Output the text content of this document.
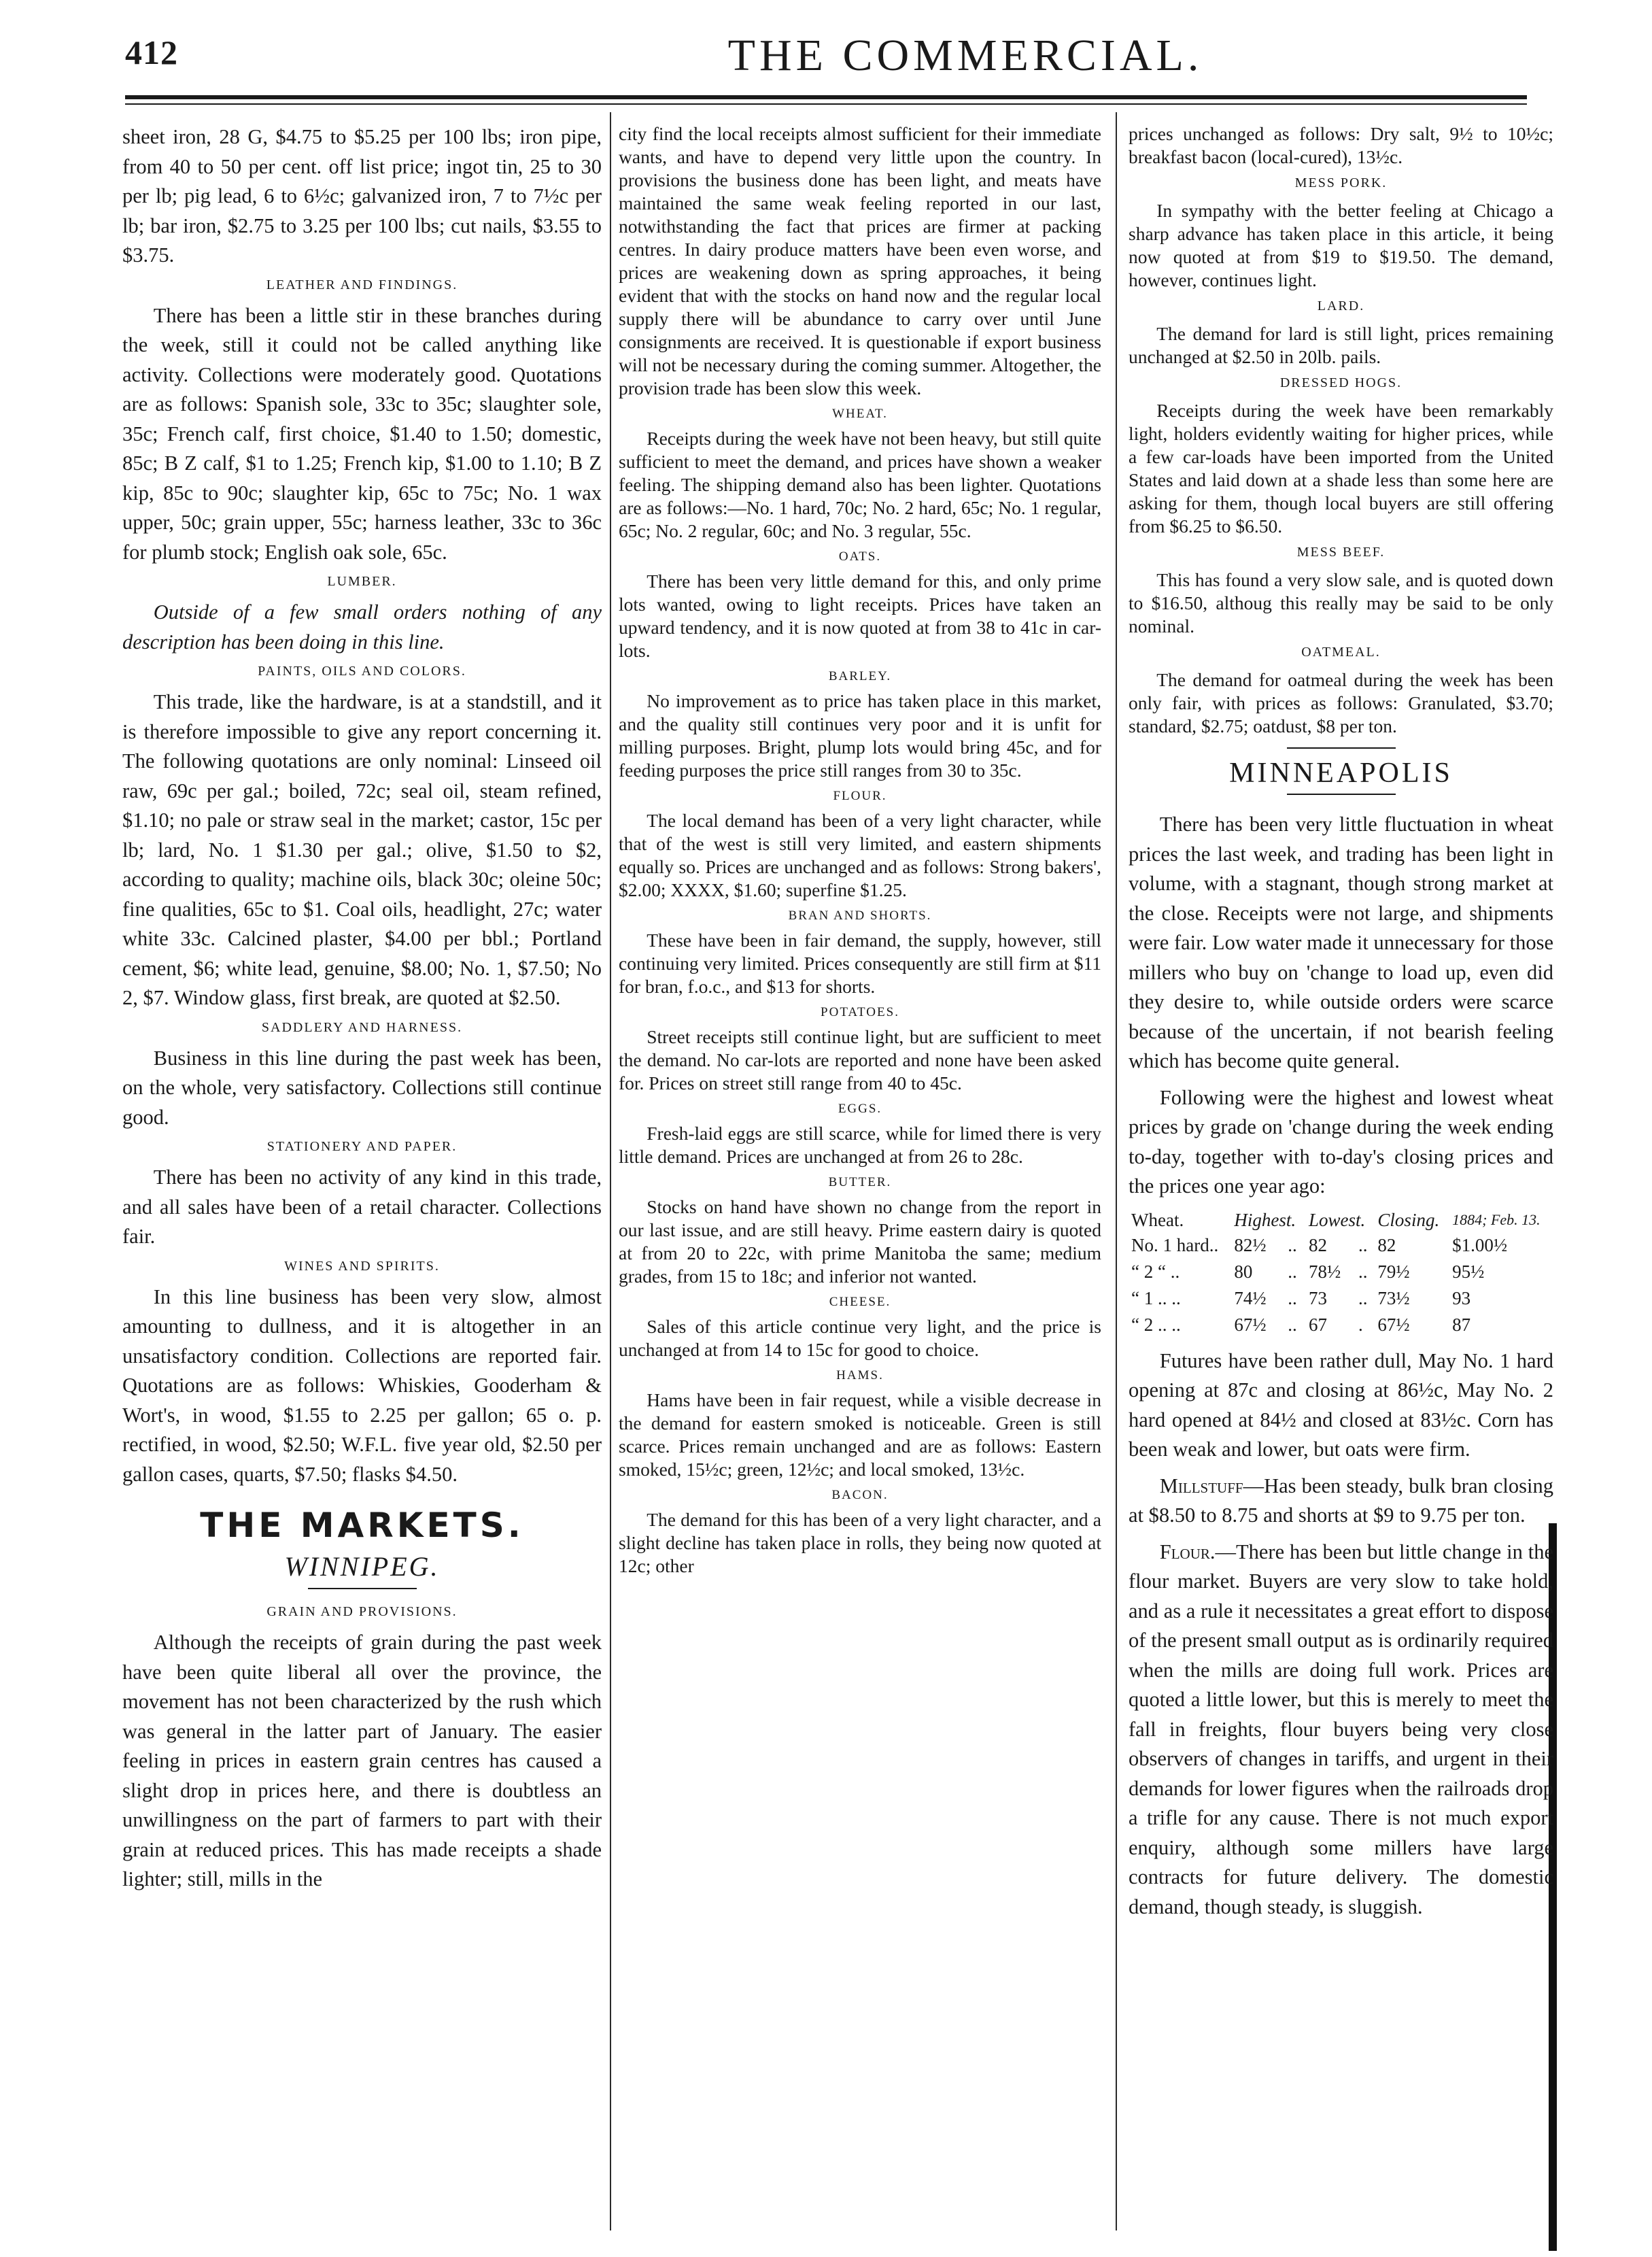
412	THE COMMERCIAL.

sheet iron, 28 G, $4.75 to $5.25 per 100 lbs; iron pipe, from 40 to 50 per cent. off list price; ingot tin, 25 to 30 per lb; pig lead, 6 to 6½c; galvanized iron, 7 to 7½c per lb; bar iron, $2.75 to 3.25 per 100 lbs; cut nails, $3.55 to $3.75.

LEATHER AND FINDINGS.

There has been a little stir in these branches during the week, still it could not be called anything like activity. Collections were moderately good. Quotations are as follows: Spanish sole, 33c to 35c; slaughter sole, 35c; French calf, first choice, $1.40 to 1.50; domestic, 85c; B Z calf, $1 to 1.25; French kip, $1.00 to 1.10; B Z kip, 85c to 90c; slaughter kip, 65c to 75c; No. 1 wax upper, 50c; grain upper, 55c; harness leather, 33c to 36c for plumb stock; English oak sole, 65c.

LUMBER.

Outside of a few small orders nothing of any description has been doing in this line.

PAINTS, OILS AND COLORS.

This trade, like the hardware, is at a standstill, and it is therefore impossible to give any report concerning it. The following quotations are only nominal: Linseed oil raw, 69c per gal.; boiled, 72c; seal oil, steam refined, $1.10; no pale or straw seal in the market; castor, 15c per lb; lard, No. 1 $1.30 per gal.; olive, $1.50 to $2, according to quality; machine oils, black 30c; oleine 50c; fine qualities, 65c to $1. Coal oils, headlight, 27c; water white 33c. Calcined plaster, $4.00 per bbl.; Portland cement, $6; white lead, genuine, $8.00; No. 1, $7.50; No 2, $7. Window glass, first break, are quoted at $2.50.

SADDLERY AND HARNESS.

Business in this line during the past week has been, on the whole, very satisfactory. Collections still continue good.

STATIONERY AND PAPER.

There has been no activity of any kind in this trade, and all sales have been of a retail character. Collections fair.

WINES AND SPIRITS.

In this line business has been very slow, almost amounting to dullness, and it is altogether in an unsatisfactory condition. Collections are reported fair. Quotations are as follows: Whiskies, Gooderham & Wort's, in wood, $1.55 to 2.25 per gallon; 65 o. p. rectified, in wood, $2.50; W.F.L. five year old, $2.50 per gallon cases, quarts, $7.50; flasks $4.50.

THE MARKETS.
WINNIPEG.
GRAIN AND PROVISIONS.

Although the receipts of grain during the past week have been quite liberal all over the province, the movement has not been characterized by the rush which was general in the latter part of January. The easier feeling in prices in eastern grain centres has caused a slight drop in prices here, and there is doubtless an unwillingness on the part of farmers to part with their grain at reduced prices. This has made receipts a shade lighter; still, mills in the

city find the local receipts almost sufficient for their immediate wants, and have to depend very little upon the country. In provisions the business done has been light, and meats have maintained the same weak feeling reported in our last, notwithstanding the fact that prices are firmer at packing centres. In dairy produce matters have been even worse, and prices are weakening down as spring approaches, it being evident that with the stocks on hand now and the regular local supply there will be abundance to carry over until June consignments are received. It is questionable if export business will not be necessary during the coming summer. Altogether, the provision trade has been slow this week.

WHEAT.

Receipts during the week have not been heavy, but still quite sufficient to meet the demand, and prices have shown a weaker feeling. The shipping demand also has been lighter. Quotations are as follows:—No. 1 hard, 70c; No. 2 hard, 65c; No. 1 regular, 65c; No. 2 regular, 60c; and No. 3 regular, 55c.

OATS.

There has been very little demand for this, and only prime lots wanted, owing to light receipts. Prices have taken an upward tendency, and it is now quoted at from 38 to 41c in car-lots.

BARLEY.

No improvement as to price has taken place in this market, and the quality still continues very poor and it is unfit for milling purposes. Bright, plump lots would bring 45c, and for feeding purposes the price still ranges from 30 to 35c.

FLOUR.

The local demand has been of a very light character, while that of the west is still very limited, and eastern shipments equally so. Prices are unchanged and as follows: Strong bakers', $2.00; XXXX, $1.60; superfine $1.25.

BRAN AND SHORTS.

These have been in fair demand, the supply, however, still continuing very limited. Prices consequently are still firm at $11 for bran, f.o.c., and $13 for shorts.

POTATOES.

Street receipts still continue light, but are sufficient to meet the demand. No car-lots are reported and none have been asked for. Prices on street still range from 40 to 45c.

EGGS.

Fresh-laid eggs are still scarce, while for limed there is very little demand. Prices are unchanged at from 26 to 28c.

BUTTER.

Stocks on hand have shown no change from the report in our last issue, and are still heavy. Prime eastern dairy is quoted at from 20 to 22c, with prime Manitoba the same; medium grades, from 15 to 18c; and inferior not wanted.

CHEESE.

Sales of this article continue very light, and the price is unchanged at from 14 to 15c for good to choice.

HAMS.

Hams have been in fair request, while a visible decrease in the demand for eastern smoked is noticeable. Green is still scarce. Prices remain unchanged and are as follows: Eastern smoked, 15½c; green, 12½c; and local smoked, 13½c.

BACON.

The demand for this has been of a very light character, and a slight decline has taken place in rolls, they being now quoted at 12c; other

prices unchanged as follows: Dry salt, 9½ to 10½c; breakfast bacon (local-cured), 13½c.

MESS PORK.

In sympathy with the better feeling at Chicago a sharp advance has taken place in this article, it being now quoted at from $19 to $19.50. The demand, however, continues light.

LARD.

The demand for lard is still light, prices remaining unchanged at $2.50 in 20lb. pails.

DRESSED HOGS.

Receipts during the week have been remarkably light, holders evidently waiting for higher prices, while a few car-loads have been imported from the United States and laid down at a shade less than some here are asking for them, though local buyers are still offering from $6.25 to $6.50.

MESS BEEF.

This has found a very slow sale, and is quoted down to $16.50, althoug this really may be said to be only nominal.

OATMEAL.

The demand for oatmeal during the week has been only fair, with prices as follows: Granulated, $3.70; standard, $2.75; oatdust, $8 per ton.

MINNEAPOLIS

There has been very little fluctuation in wheat prices the last week, and trading has been light in volume, with a stagnant, though strong market at the close. Receipts were not large, and shipments were fair. Low water made it unnecessary for those millers who buy on 'change to load up, even did they desire to, while outside orders were scarce because of the uncertain, if not bearish feeling which has become quite general.

Following were the highest and lowest wheat prices by grade on 'change during the week ending to-day, together with to-day's closing prices and the prices one year ago:

Wheat.	Highest.		Lowest.		Closing.	1884; Feb. 13.
No. 1 hard..	82½	..	82	..	82	$1.00½
“ 2 “ ..	80	..	78½	..	79½	95½
“ 1 .. ..	74½	..	73	..	73½	93
“ 2 .. ..	67½	..	67	.	67½	87

Futures have been rather dull, May No. 1 hard opening at 87c and closing at 86½c, May No. 2 hard opened at 84½ and closed at 83½c. Corn has been weak and lower, but oats were firm.

Millstuff—Has been steady, bulk bran closing at $8.50 to 8.75 and shorts at $9 to 9.75 per ton.

Flour.—There has been but little change in the flour market. Buyers are very slow to take hold, and as a rule it necessitates a great effort to dispose of the present small output as is ordinarily required when the mills are doing full work. Prices are quoted a little lower, but this is merely to meet the fall in freights, flour buyers being very close observers of changes in tariffs, and urgent in their demands for lower figures when the railroads drop a trifle for any cause. There is not much export enquiry, although some millers have large contracts for future delivery. The domestic demand, though steady, is sluggish.
